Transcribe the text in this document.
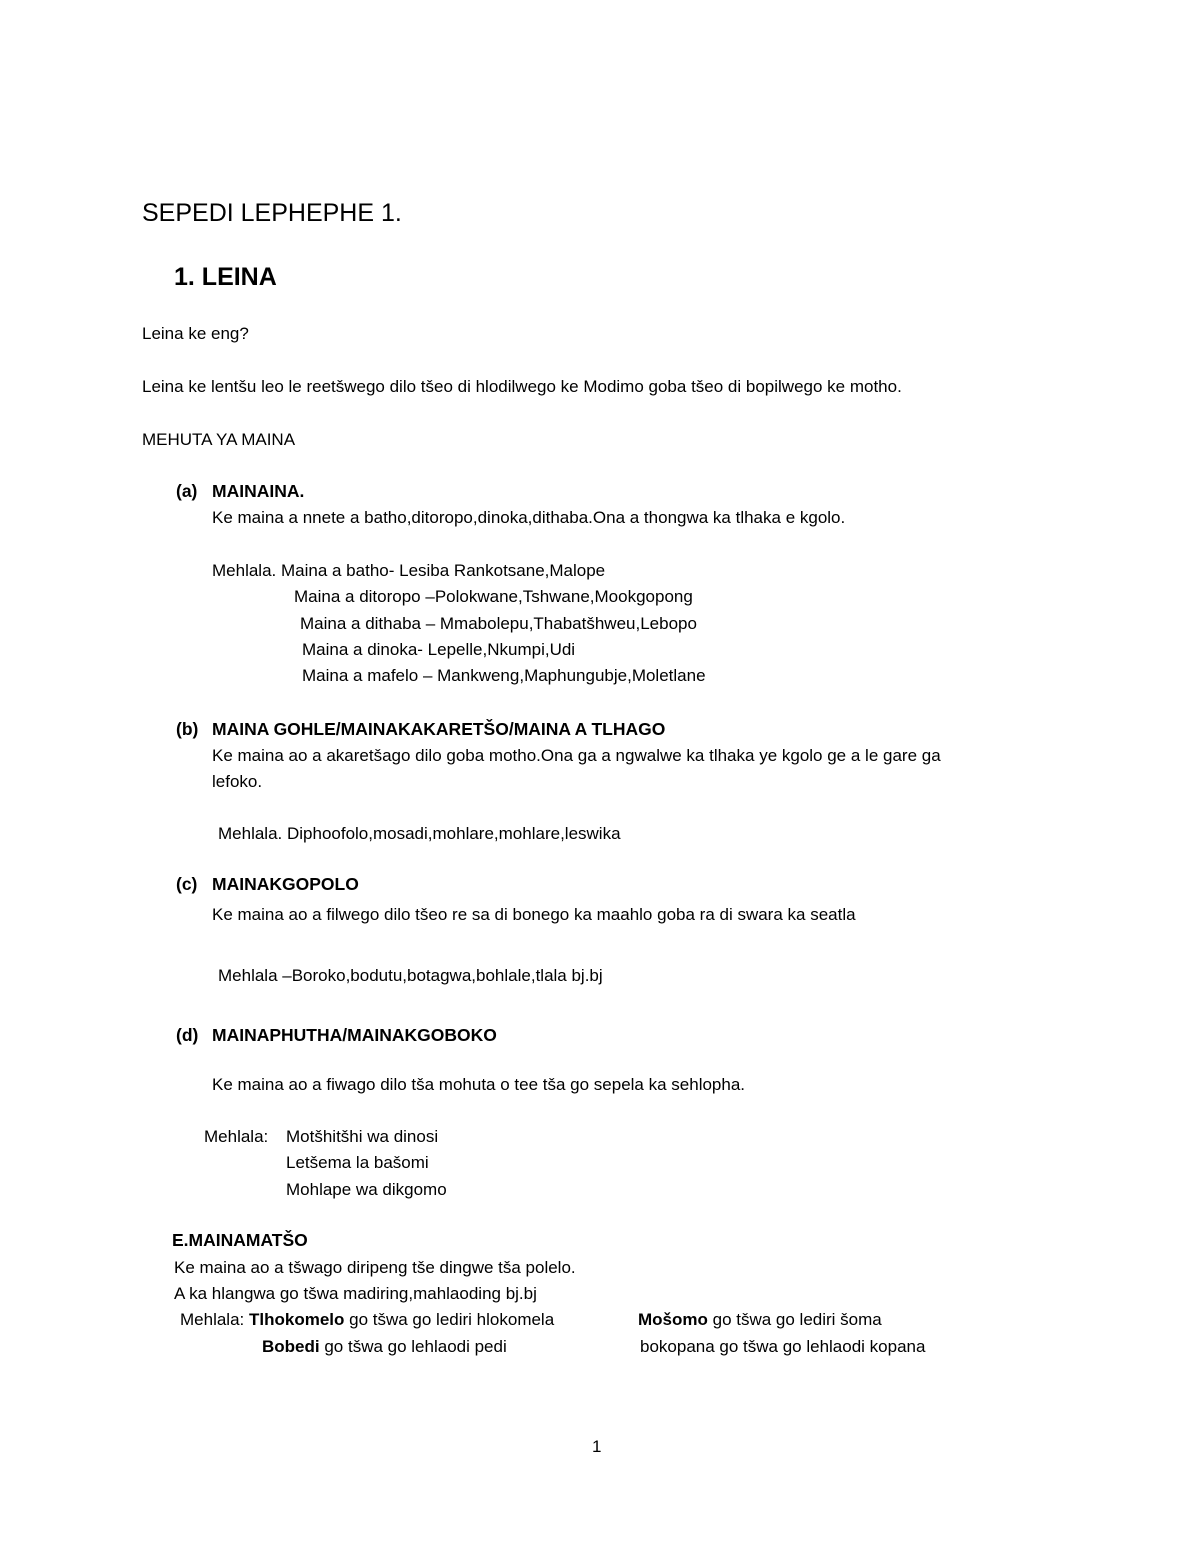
SEPEDI LEPHEPHE 1.
1. LEINA
Leina ke eng?
Leina ke lentšu leo le reetšwego dilo tšeo di hlodilwego ke Modimo goba tšeo di bopilwego ke motho.
MEHUTA YA MAINA
(a) MAINAINA.
Ke maina a nnete a batho,ditoropo,dinoka,dithaba.Ona a thongwa ka tlhaka e kgolo.
Mehlala. Maina a batho- Lesiba Rankotsane,Malope
Maina a ditoropo –Polokwane,Tshwane,Mookgopong
Maina a dithaba – Mmabolepu,Thabatšhweu,Lebopo
Maina a dinoka- Lepelle,Nkumpi,Udi
Maina a mafelo – Mankweng,Maphungubje,Moletlane
(b) MAINA GOHLE/MAINAKAKARETŠO/MAINA A TLHAGO
Ke maina ao a akaretšago dilo goba motho.Ona ga a ngwalwe ka tlhaka ye kgolo ge a le gare ga
lefoko.
Mehlala. Diphoofolo,mosadi,mohlare,mohlare,leswika
(c) MAINAKGOPOLO
Ke maina ao a filwego dilo tšeo re sa di bonego ka maahlo goba ra di swara ka seatla
Mehlala –Boroko,bodutu,botagwa,bohlale,tlala bj.bj
(d) MAINAPHUTHA/MAINAKGOBOKO
Ke maina ao a fiwago dilo tša mohuta o tee tša go sepela ka sehlopha.
Mehlala: Motšhitšhi wa dinosi
Letšema la bašomi
Mohlape wa dikgomo
E.MAINAMATŠO
Ke maina ao a tšwago diripeng tše dingwe tša polelo.
A ka hlangwa go tšwa madiring,mahlaoding bj.bj
Mehlala: Tlhokomelo go tšwa go lediri hlokomela	Mošomo go tšwa go lediri šoma
Bobedi go tšwa go lehlaodi pedi	bokopana go tšwa go lehlaodi kopana
1
